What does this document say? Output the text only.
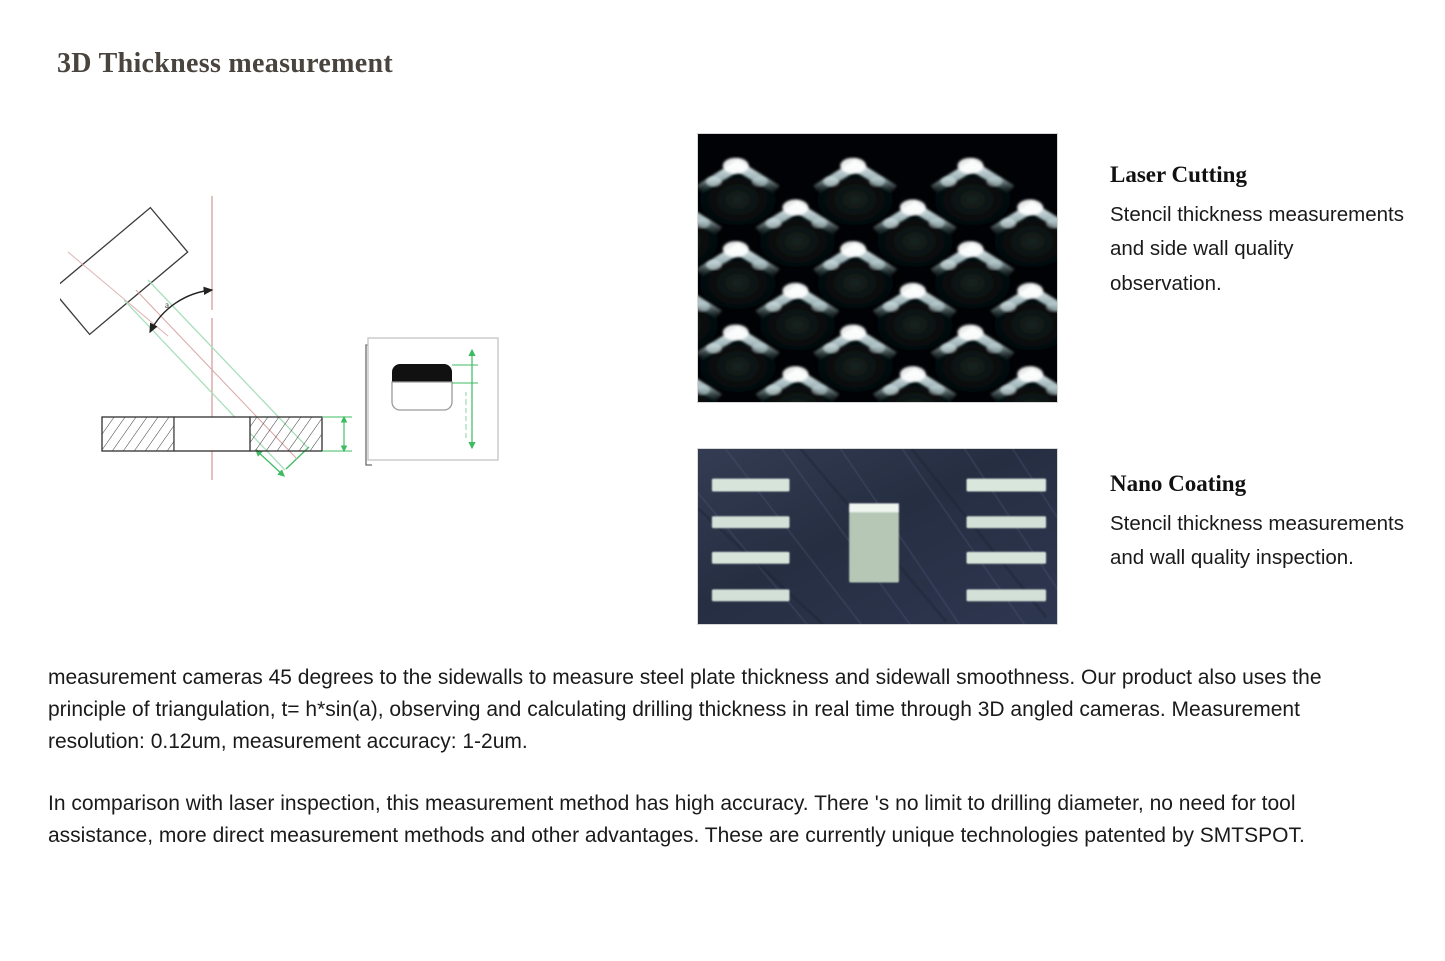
3D Thickness measurement
a
Laser Cutting
Stencil thickness measurements and side wall quality observation.
Nano Coating
Stencil thickness measurements and wall quality inspection.

measurement cameras 45 degrees to the sidewalls to measure steel plate thickness and sidewall smoothness. Our product also uses the principle of triangulation, t= h*sin(a), observing and calculating drilling thickness in real time through 3D angled cameras. Measurement resolution: 0.12um, measurement accuracy: 1-2um.

In comparison with laser inspection, this measurement method has high accuracy. There 's no limit to drilling diameter, no need for tool assistance, more direct measurement methods and other advantages. These are currently unique technologies patented by SMTSPOT.
